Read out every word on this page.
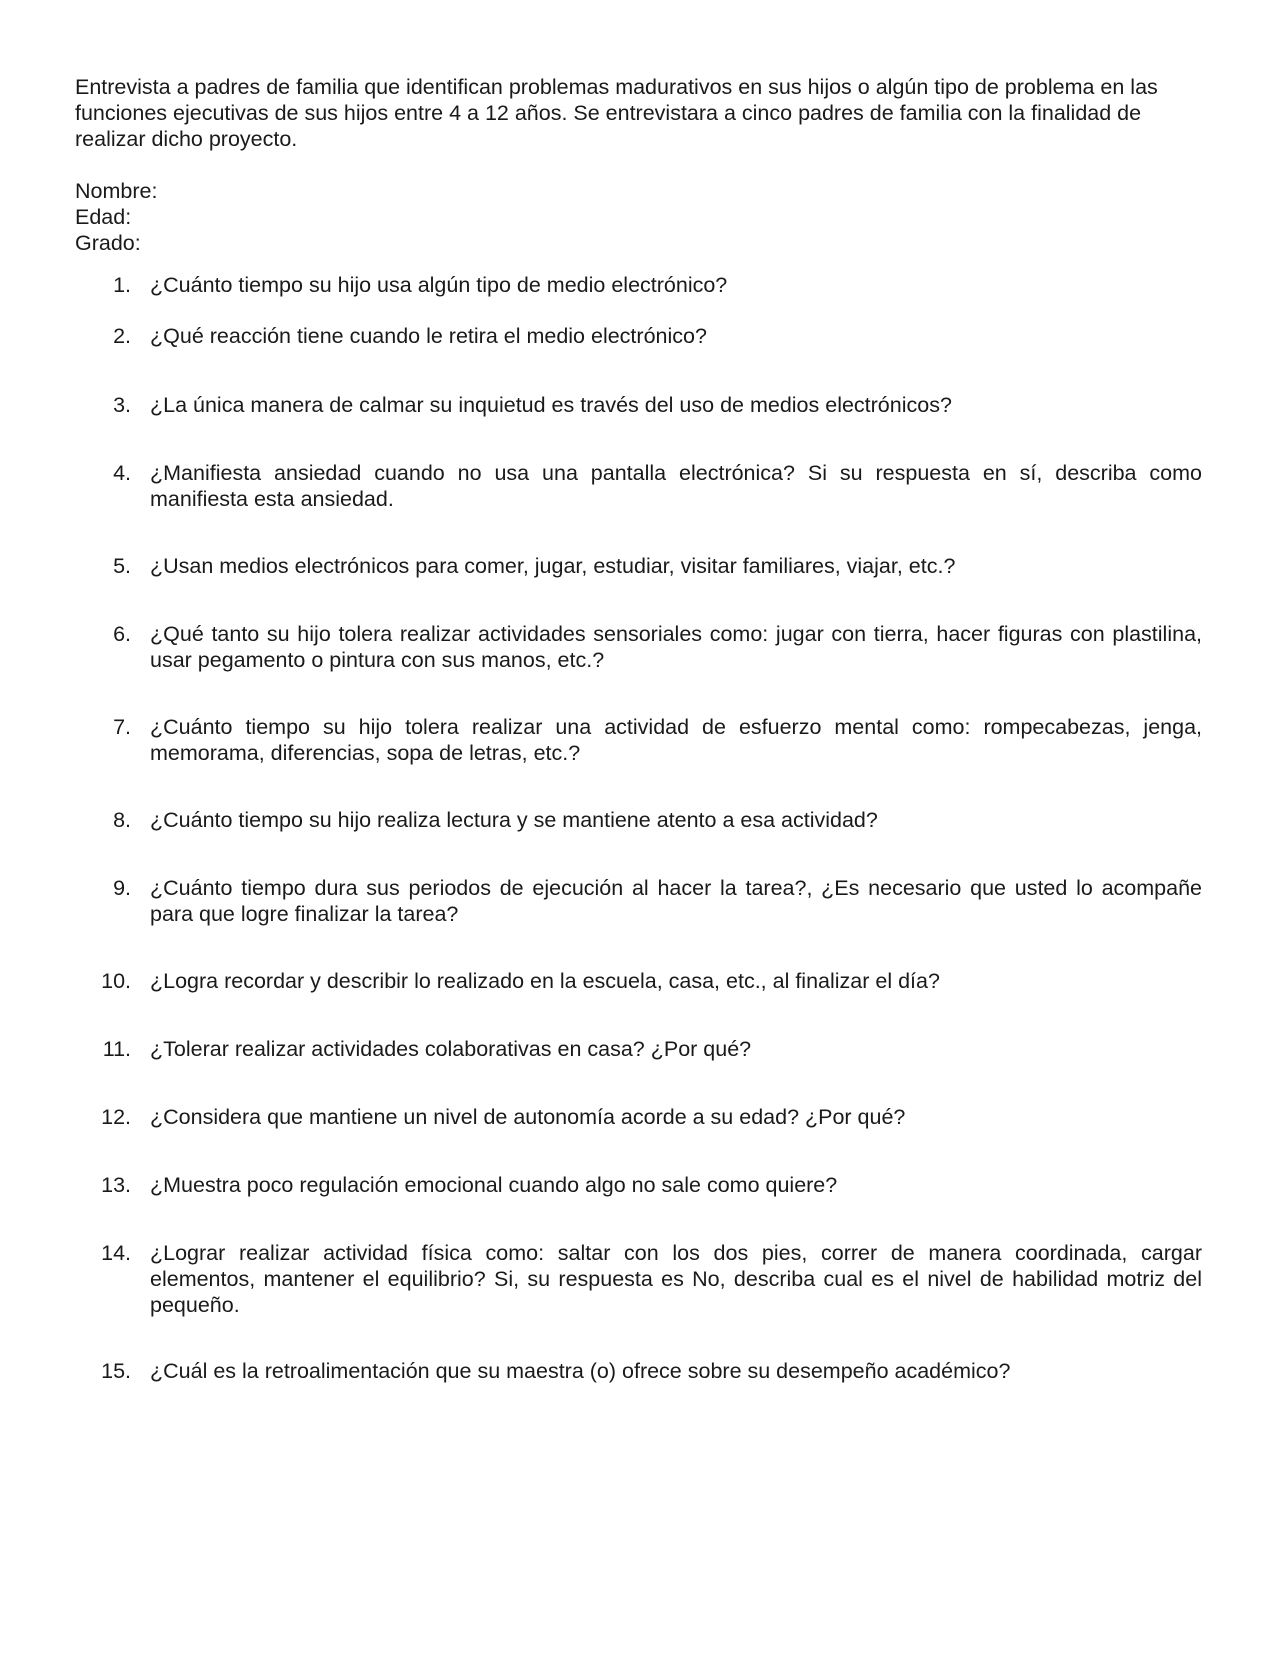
Entrevista a padres de familia que identifican problemas madurativos en sus hijos o algún tipo de problema en las funciones ejecutivas de sus hijos entre 4 a 12 años. Se entrevistara a cinco padres de familia con la finalidad de realizar dicho proyecto.

Nombre:
Edad:
Grado:
1. ¿Cuánto tiempo su hijo usa algún tipo de medio electrónico?
2. ¿Qué reacción tiene cuando le retira el medio electrónico?
3. ¿La única manera de calmar su inquietud es través del uso de medios electrónicos?
4. ¿Manifiesta ansiedad cuando no usa una pantalla electrónica? Si su respuesta en sí, describa como manifiesta esta ansiedad.
5. ¿Usan medios electrónicos para comer, jugar, estudiar, visitar familiares, viajar, etc.?
6. ¿Qué tanto su hijo tolera realizar actividades sensoriales como: jugar con tierra, hacer figuras con plastilina, usar pegamento o pintura con sus manos, etc.?
7. ¿Cuánto tiempo su hijo tolera realizar una actividad de esfuerzo mental como: rompecabezas, jenga, memorama, diferencias, sopa de letras, etc.?
8. ¿Cuánto tiempo su hijo realiza lectura y se mantiene atento a esa actividad?
9. ¿Cuánto tiempo dura sus periodos de ejecución al hacer la tarea?, ¿Es necesario que usted lo acompañe para que logre finalizar la tarea?
10. ¿Logra recordar y describir lo realizado en la escuela, casa, etc., al finalizar el día?
11. ¿Tolerar realizar actividades colaborativas en casa? ¿Por qué?
12. ¿Considera que mantiene un nivel de autonomía acorde a su edad? ¿Por qué?
13. ¿Muestra poco regulación emocional cuando algo no sale como quiere?
14. ¿Lograr realizar actividad física como: saltar con los dos pies, correr de manera coordinada, cargar elementos, mantener el equilibrio? Si, su respuesta es No, describa cual es el nivel de habilidad motriz del pequeño.
15. ¿Cuál es la retroalimentación que su maestra (o) ofrece sobre su desempeño académico?
